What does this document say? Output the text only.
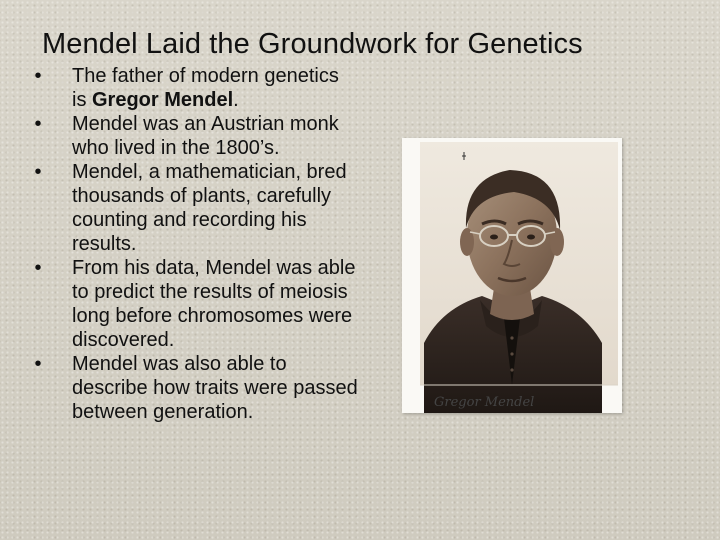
Mendel Laid the Groundwork for Genetics
•	The father of modern genetics is Gregor Mendel.
•	Mendel was an Austrian monk who lived in the 1800’s.
•	Mendel, a mathematician, bred thousands of plants, carefully counting and recording his results.
•	From his data, Mendel was able to predict the results of meiosis long before chromosomes were discovered.
•	Mendel was also able to describe how traits were passed between generation.	Gregor Mendel
